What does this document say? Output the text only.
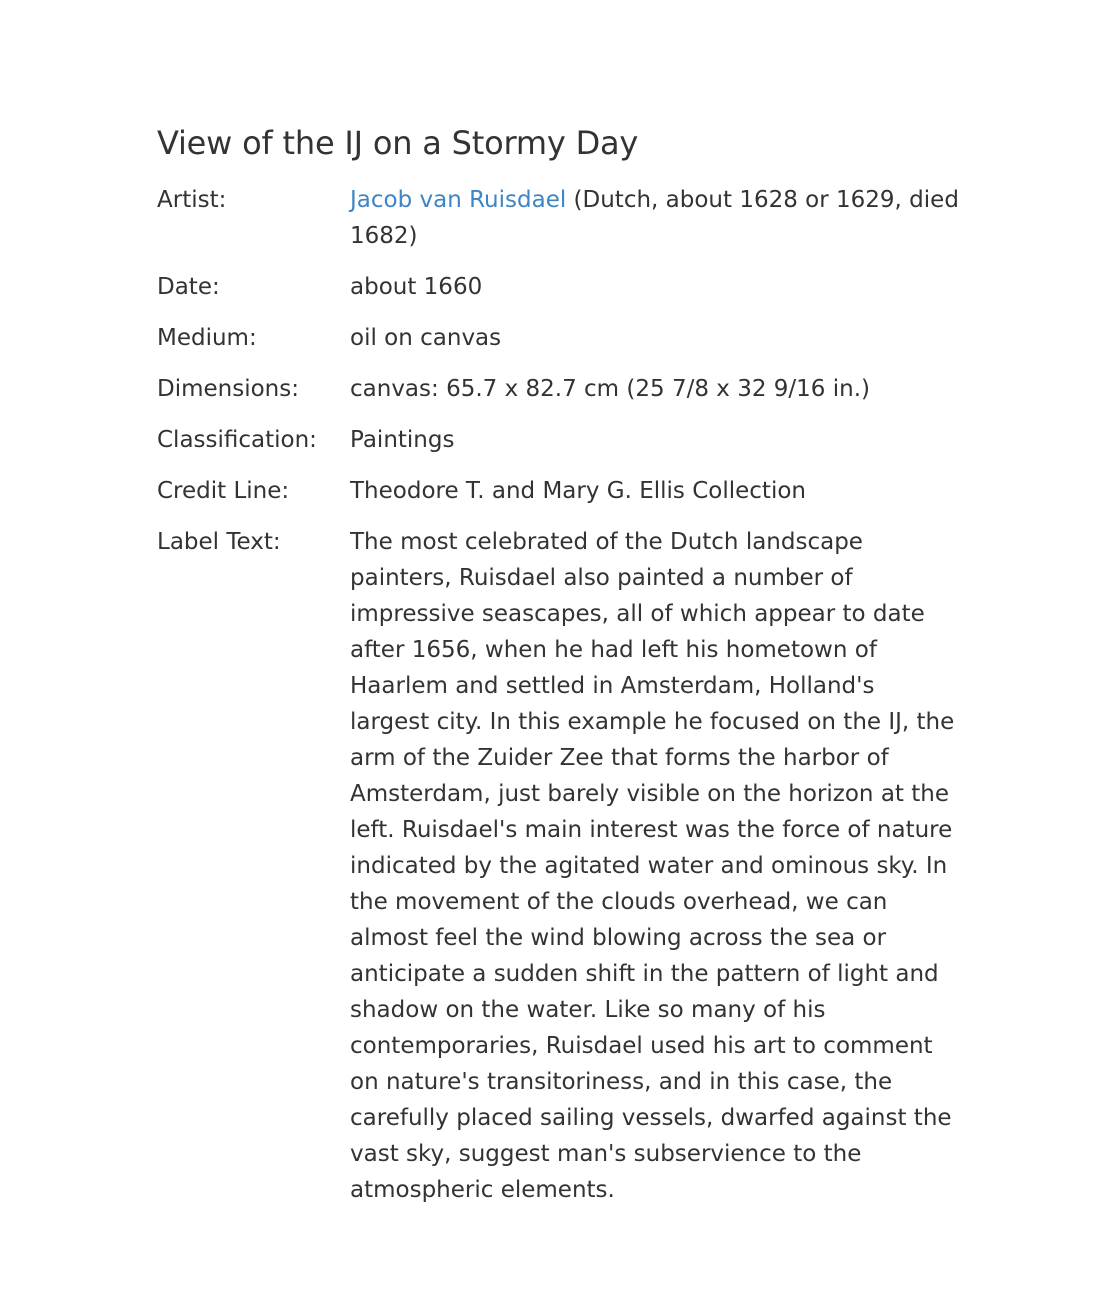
View of the IJ on a Stormy Day
Artist:	Jacob van Ruisdael (Dutch, about 1628 or 1629, died 1682)
Date:	about 1660
Medium:	oil on canvas
Dimensions:	canvas: 65.7 x 82.7 cm (25 7/8 x 32 9/16 in.)
Classification:	Paintings
Credit Line:	Theodore T. and Mary G. Ellis Collection
Label Text:	The most celebrated of the Dutch landscape painters, Ruisdael also painted a number of impressive seascapes, all of which appear to date after 1656, when he had left his hometown of Haarlem and settled in Amsterdam, Holland's largest city. In this example he focused on the IJ, the arm of the Zuider Zee that forms the harbor of Amsterdam, just barely visible on the horizon at the left. Ruisdael's main interest was the force of nature indicated by the agitated water and ominous sky. In the movement of the clouds overhead, we can almost feel the wind blowing across the sea or anticipate a sudden shift in the pattern of light and shadow on the water. Like so many of his contemporaries, Ruisdael used his art to comment on nature's transitoriness, and in this case, the carefully placed sailing vessels, dwarfed against the vast sky, suggest man's subservience to the atmospheric elements.
